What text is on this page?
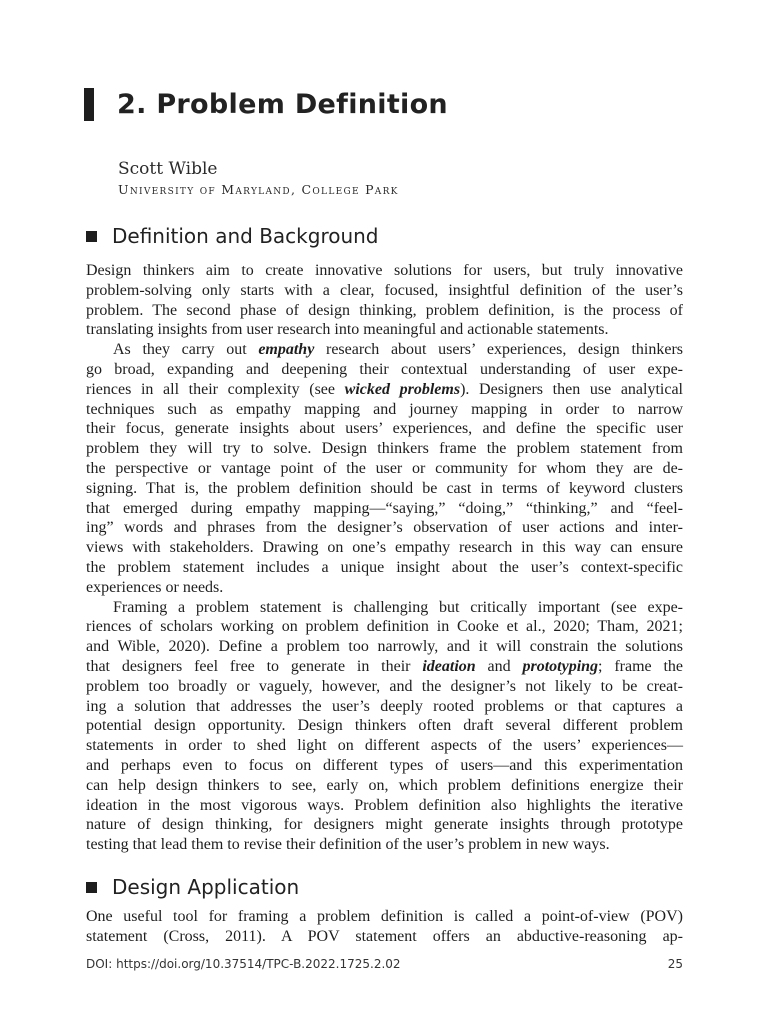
2. Problem Definition
Scott Wible
University of Maryland, College Park
Definition and Background
Design thinkers aim to create innovative solutions for users, but truly innovative
problem-solving only starts with a clear, focused, insightful definition of the user’s
problem. The second phase of design thinking, problem definition, is the process of
translating insights from user research into meaningful and actionable statements.
As they carry out empathy research about users’ experiences, design thinkers
go broad, expanding and deepening their contextual understanding of user expe-
riences in all their complexity (see wicked problems). Designers then use analytical
techniques such as empathy mapping and journey mapping in order to narrow
their focus, generate insights about users’ experiences, and define the specific user
problem they will try to solve. Design thinkers frame the problem statement from
the perspective or vantage point of the user or community for whom they are de-
signing. That is, the problem definition should be cast in terms of keyword clusters
that emerged during empathy mapping—“saying,” “doing,” “thinking,” and “feel-
ing” words and phrases from the designer’s observation of user actions and inter-
views with stakeholders. Drawing on one’s empathy research in this way can ensure
the problem statement includes a unique insight about the user’s context-specific
experiences or needs.
Framing a problem statement is challenging but critically important (see expe-
riences of scholars working on problem definition in Cooke et al., 2020; Tham, 2021;
and Wible, 2020). Define a problem too narrowly, and it will constrain the solutions
that designers feel free to generate in their ideation and prototyping; frame the
problem too broadly or vaguely, however, and the designer’s not likely to be creat-
ing a solution that addresses the user’s deeply rooted problems or that captures a
potential design opportunity. Design thinkers often draft several different problem
statements in order to shed light on different aspects of the users’ experiences—
and perhaps even to focus on different types of users—and this experimentation
can help design thinkers to see, early on, which problem definitions energize their
ideation in the most vigorous ways. Problem definition also highlights the iterative
nature of design thinking, for designers might generate insights through prototype
testing that lead them to revise their definition of the user’s problem in new ways.
Design Application
One useful tool for framing a problem definition is called a point-of-view (POV)
statement (Cross, 2011). A POV statement offers an abductive-reasoning ap-
DOI: https://doi.org/10.37514/TPC-B.2022.1725.2.02	25
